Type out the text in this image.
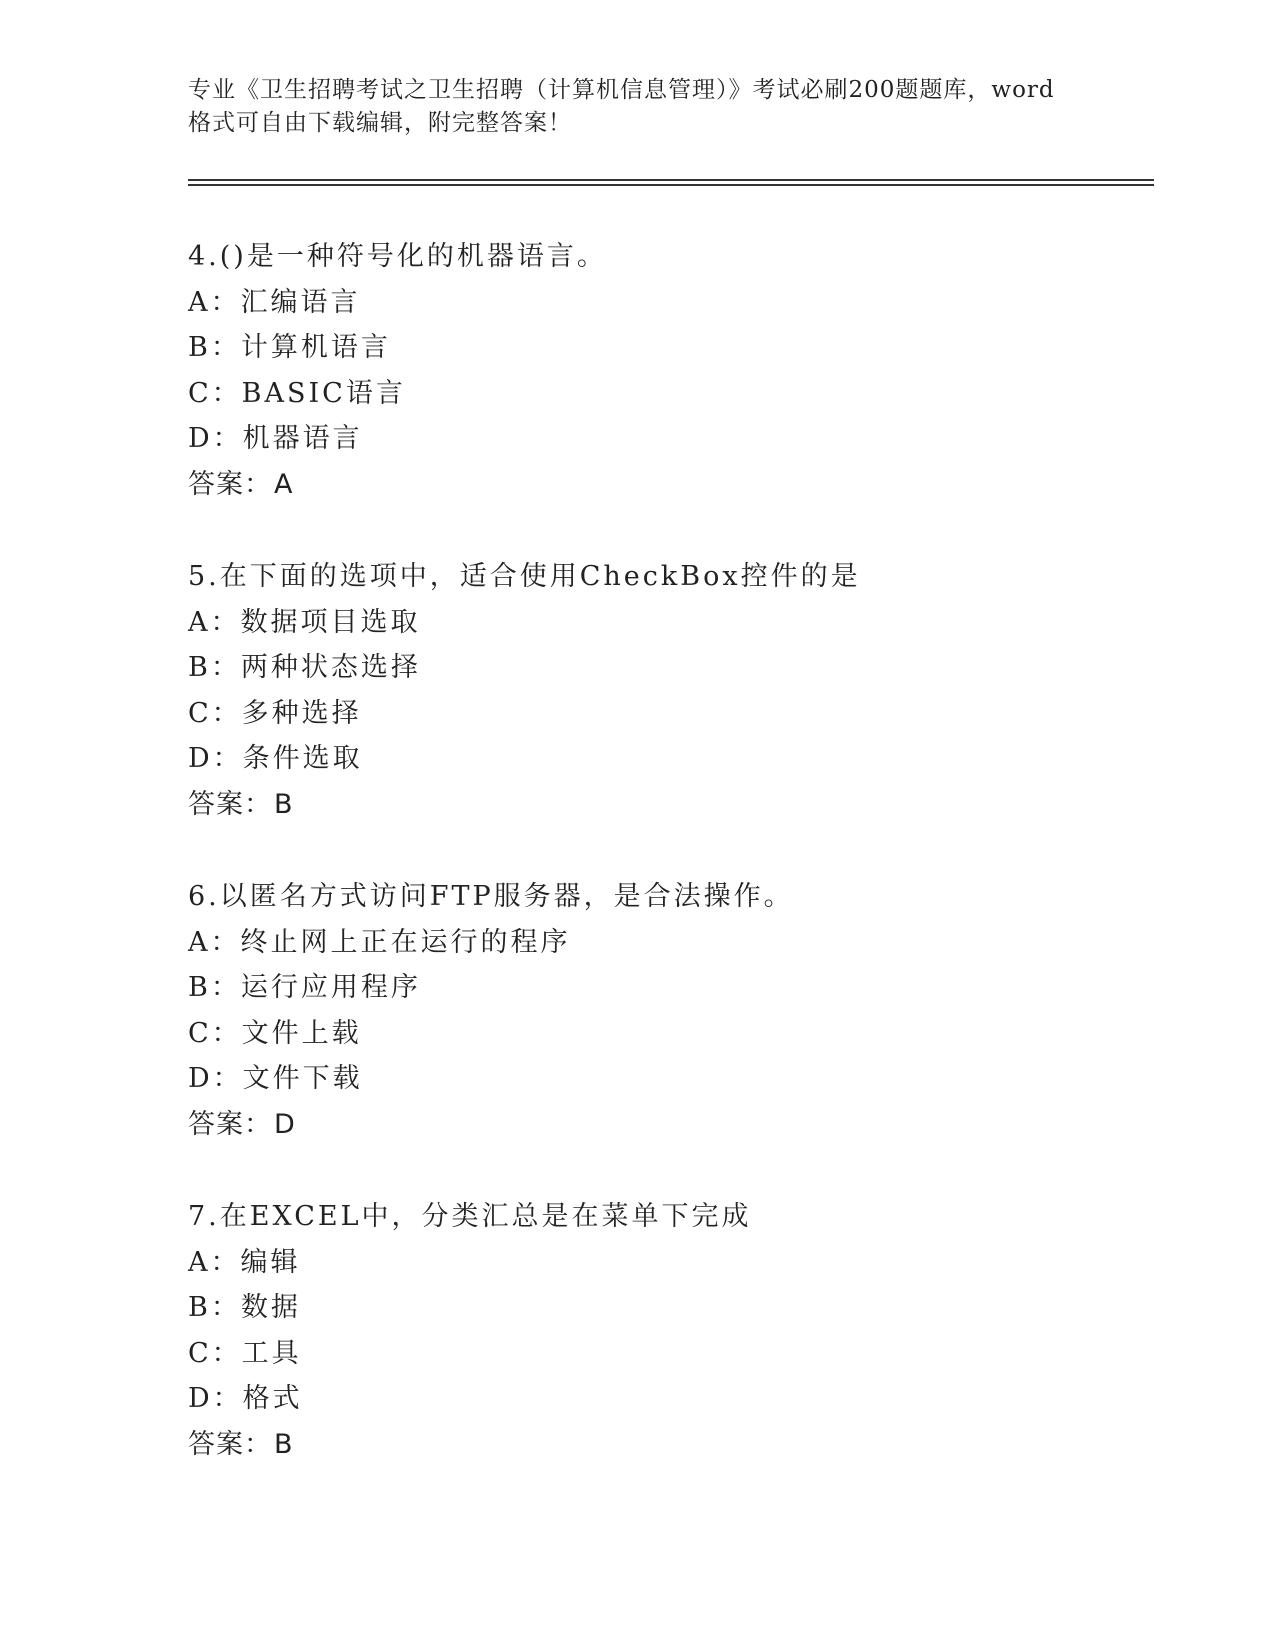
专业《卫生招聘考试之卫生招聘（计算机信息管理）》考试必刷200题题库，word
格式可自由下载编辑，附完整答案！
4.()是一种符号化的机器语言。
A：汇编语言
B：计算机语言
C：BASIC语言
D：机器语言
答案：A
5.在下面的选项中，适合使用CheckBox控件的是
A：数据项目选取
B：两种状态选择
C：多种选择
D：条件选取
答案：B
6.以匿名方式访问FTP服务器，是合法操作。
A：终止网上正在运行的程序
B：运行应用程序
C：文件上载
D：文件下载
答案：D
7.在EXCEL中，分类汇总是在菜单下完成
A：编辑
B：数据
C：工具
D：格式
答案：B
